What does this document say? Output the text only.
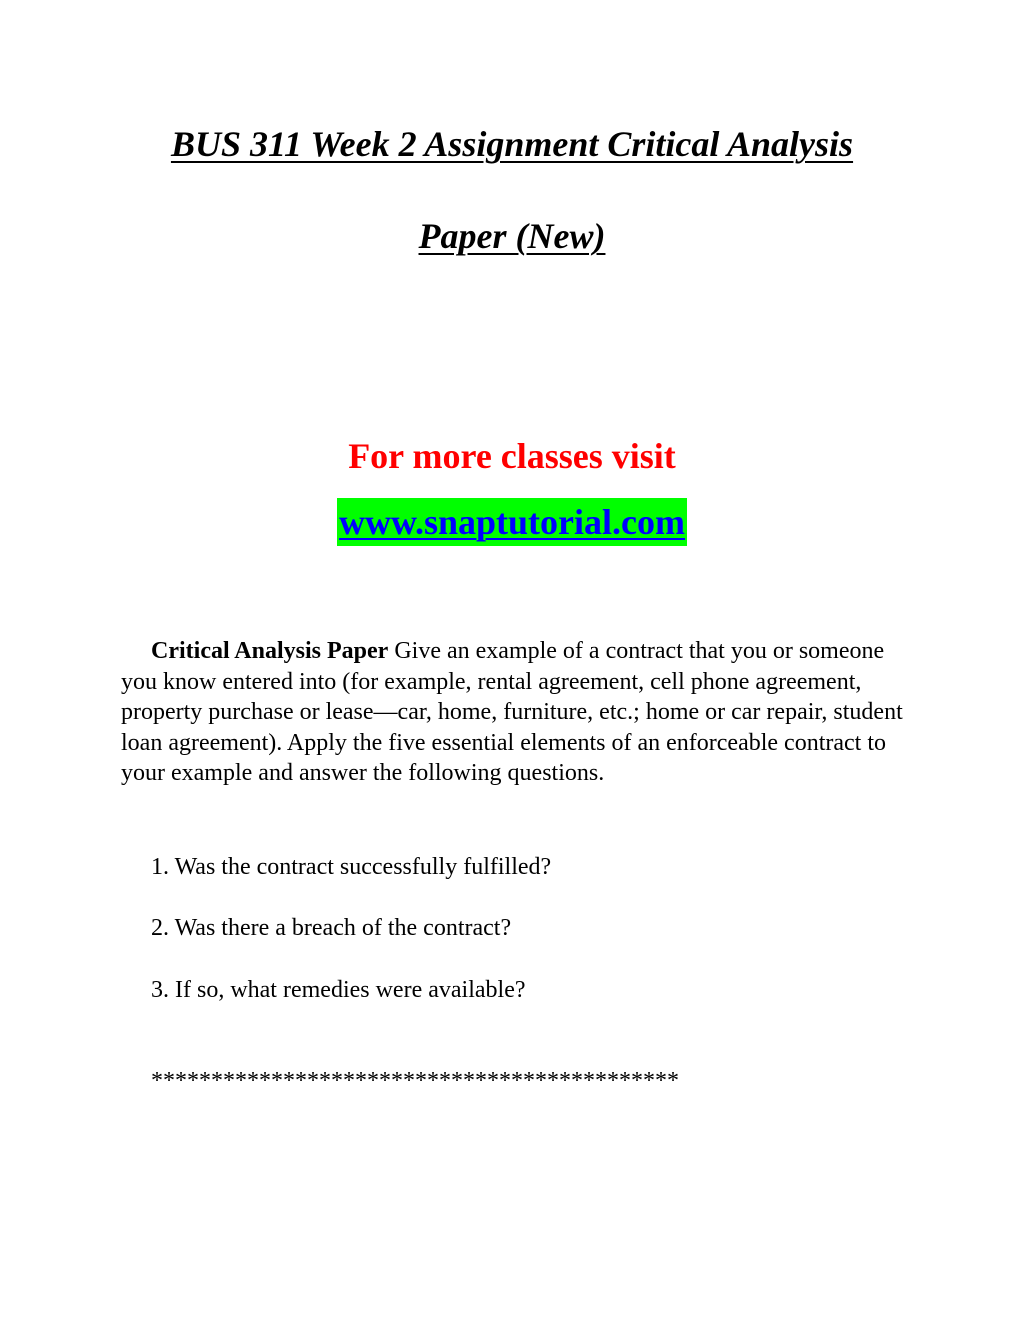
BUS 311 Week 2 Assignment Critical Analysis
Paper (New)
For more classes visit
www.snaptutorial.com
Critical Analysis Paper Give an example of a contract that you or someone you know entered into (for example, rental agreement, cell phone agreement, property purchase or lease—car, home, furniture, etc.; home or car repair, student loan agreement). Apply the five essential elements of an enforceable contract to your example and answer the following questions.
1. Was the contract successfully fulfilled?
2. Was there a breach of the contract?
3. If so, what remedies were available?
********************************************
